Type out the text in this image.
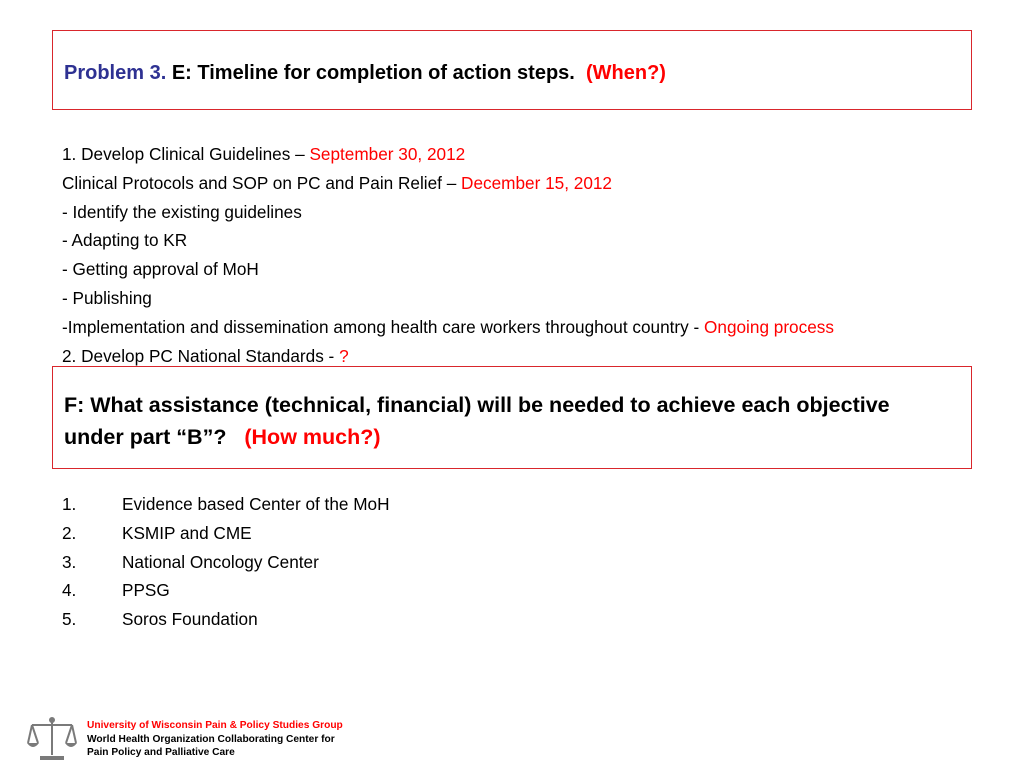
Problem 3. E: Timeline for completion of action steps. (When?)
1. Develop Clinical Guidelines – September 30, 2012
Clinical Protocols and SOP on PC and Pain Relief – December 15, 2012
- Identify the existing guidelines
- Adapting to KR
- Getting approval of MoH
- Publishing
-Implementation and dissemination among health care workers throughout country - Ongoing process
2. Develop PC National Standards - ?
F: What assistance (technical, financial) will be needed to achieve each objective under part “B”? (How much?)
1.	Evidence based Center of the MoH
2.	KSMIP and CME
3.	National Oncology Center
4.	PPSG
5.	Soros Foundation
University of Wisconsin Pain & Policy Studies Group
World Health Organization Collaborating Center for
Pain Policy and Palliative Care
